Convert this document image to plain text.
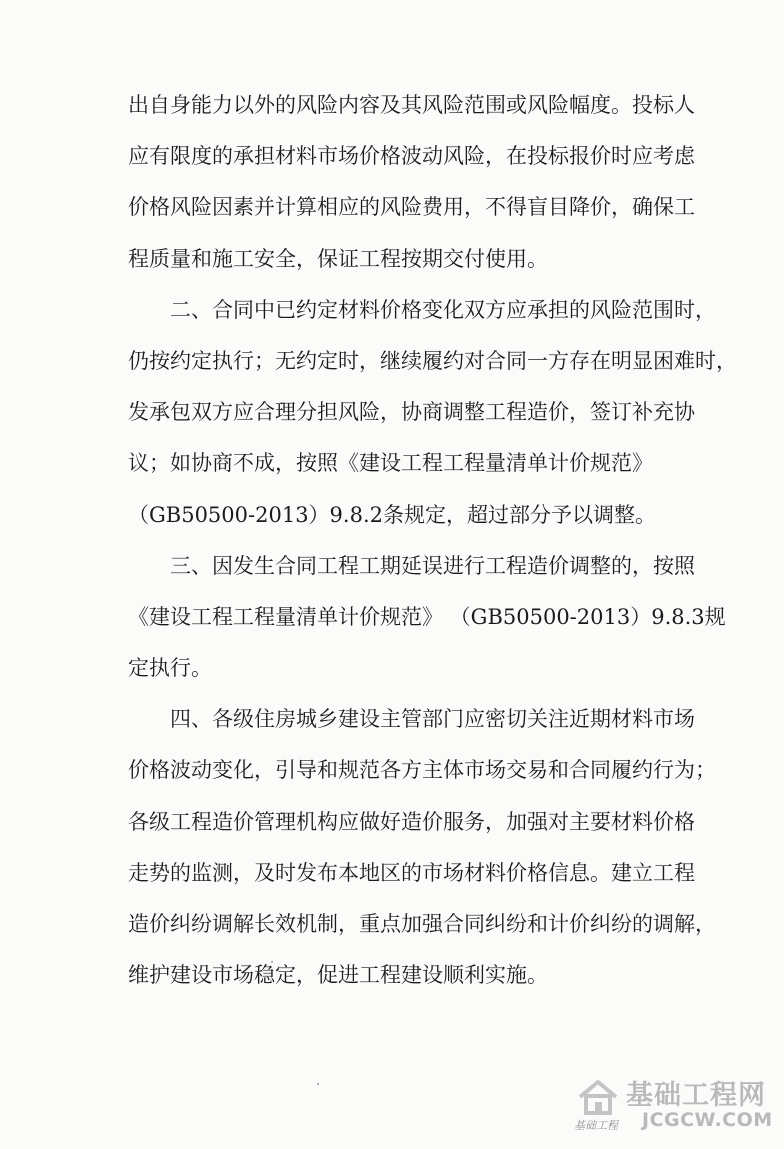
出自身能力以外的风险内容及其风险范围或风险幅度。投标人
应有限度的承担材料市场价格波动风险，在投标报价时应考虑
价格风险因素并计算相应的风险费用，不得盲目降价，确保工
程质量和施工安全，保证工程按期交付使用。
二、合同中已约定材料价格变化双方应承担的风险范围时，
仍按约定执行；无约定时，继续履约对合同一方存在明显困难时，
发承包双方应合理分担风险，协商调整工程造价，签订补充协
议；如协商不成，按照《建设工程工程量清单计价规范》
（GB50500-2013）9.8.2条规定，超过部分予以调整。
三、因发生合同工程工期延误进行工程造价调整的，按照
《建设工程工程量清单计价规范》 （GB50500-2013）9.8.3规
定执行。
四、各级住房城乡建设主管部门应密切关注近期材料市场
价格波动变化，引导和规范各方主体市场交易和合同履约行为；
各级工程造价管理机构应做好造价服务，加强对主要材料价格
走势的监测，及时发布本地区的市场材料价格信息。建立工程
造价纠纷调解长效机制，重点加强合同纠纷和计价纠纷的调解，
维护建设市场稳定，促进工程建设顺利实施。
基础工程网
基础工程 JCGCW.COM
